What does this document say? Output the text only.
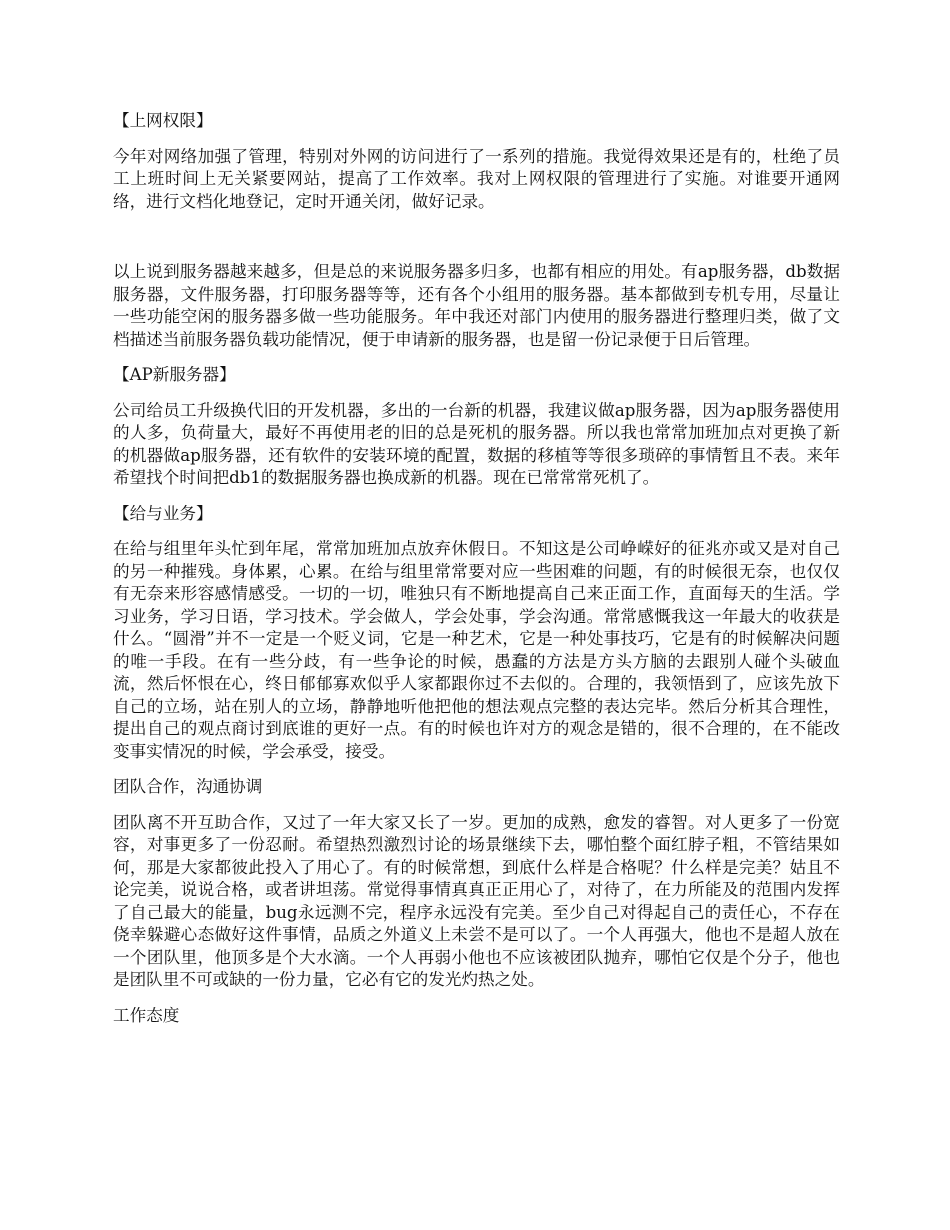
【上网权限】

今年对网络加强了管理，特别对外网的访问进行了一系列的措施。我觉得效果还是有的，杜绝了员工上班时间上无关紧要网站，提高了工作效率。我对上网权限的管理进行了实施。对谁要开通网络，进行文档化地登记，定时开通关闭，做好记录。

以上说到服务器越来越多，但是总的来说服务器多归多，也都有相应的用处。有ap服务器，db数据服务器，文件服务器，打印服务器等等，还有各个小组用的服务器。基本都做到专机专用，尽量让一些功能空闲的服务器多做一些功能服务。年中我还对部门内使用的服务器进行整理归类，做了文档描述当前服务器负载功能情况，便于申请新的服务器，也是留一份记录便于日后管理。

【AP新服务器】

公司给员工升级换代旧的开发机器，多出的一台新的机器，我建议做ap服务器，因为ap服务器使用的人多，负荷量大，最好不再使用老的旧的总是死机的服务器。所以我也常常加班加点对更换了新的机器做ap服务器，还有软件的安装环境的配置，数据的移植等等很多琐碎的事情暂且不表。来年希望找个时间把db1的数据服务器也换成新的机器。现在已常常常死机了。

【给与业务】

在给与组里年头忙到年尾，常常加班加点放弃休假日。不知这是公司峥嵘好的征兆亦或又是对自己的另一种摧残。身体累，心累。在给与组里常常要对应一些困难的问题，有的时候很无奈，也仅仅有无奈来形容感情感受。一切的一切，唯独只有不断地提高自己来正面工作，直面每天的生活。学习业务，学习日语，学习技术。学会做人，学会处事，学会沟通。常常感慨我这一年最大的收获是什么。“圆滑”并不一定是一个贬义词，它是一种艺术，它是一种处事技巧，它是有的时候解决问题的唯一手段。在有一些分歧，有一些争论的时候，愚蠢的方法是方头方脑的去跟别人碰个头破血流，然后怀恨在心，终日郁郁寡欢似乎人家都跟你过不去似的。合理的，我领悟到了，应该先放下自己的立场，站在别人的立场，静静地听他把他的想法观点完整的表达完毕。然后分析其合理性，提出自己的观点商讨到底谁的更好一点。有的时候也许对方的观念是错的，很不合理的，在不能改变事实情况的时候，学会承受，接受。

团队合作，沟通协调

团队离不开互助合作，又过了一年大家又长了一岁。更加的成熟，愈发的睿智。对人更多了一份宽容，对事更多了一份忍耐。希望热烈激烈讨论的场景继续下去，哪怕整个面红脖子粗，不管结果如何，那是大家都彼此投入了用心了。有的时候常想，到底什么样是合格呢？什么样是完美？姑且不论完美，说说合格，或者讲坦荡。常觉得事情真真正正用心了，对待了，在力所能及的范围内发挥了自己最大的能量，bug永远测不完，程序永远没有完美。至少自己对得起自己的责任心，不存在侥幸躲避心态做好这件事情，品质之外道义上未尝不是可以了。一个人再强大，他也不是超人放在一个团队里，他顶多是个大水滴。一个人再弱小他也不应该被团队抛弃，哪怕它仅是个分子，他也是团队里不可或缺的一份力量，它必有它的发光灼热之处。

工作态度
